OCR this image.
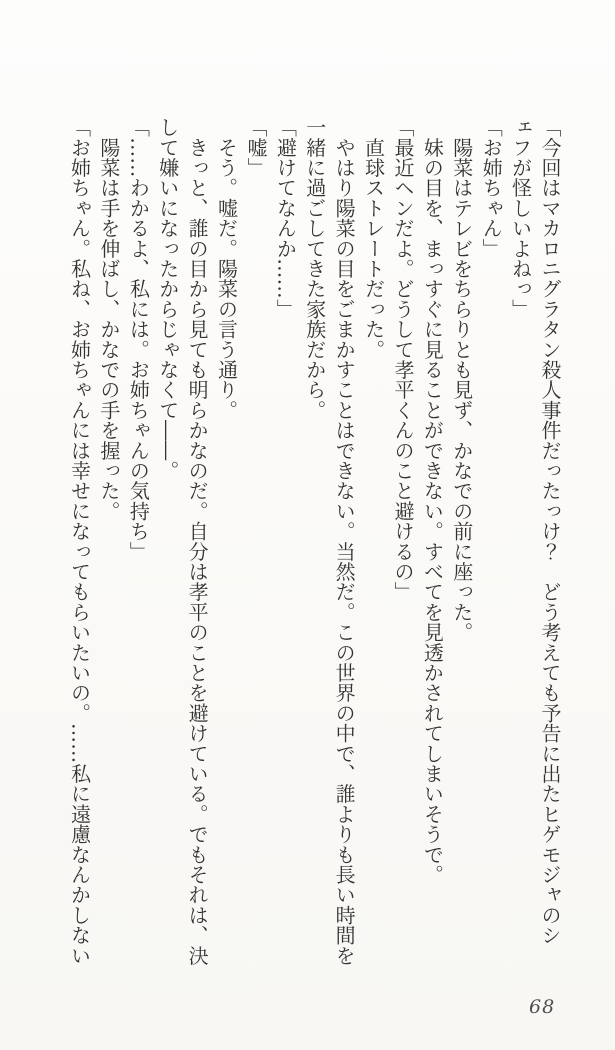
「今回はマカロニグラタン殺人事件だったっけ？　どう考えても予告に出たヒゲモジャのシ

ェフが怪しいよねっ」

「お姉ちゃん」

　陽菜はテレビをちらりとも見ず、かなでの前に座った。

　妹の目を、まっすぐに見ることができない。すべてを見透かされてしまいそうで。

「最近ヘンだよ。どうして孝平くんのこと避けるの」

　直球ストレートだった。

　やはり陽菜の目をごまかすことはできない。当然だ。この世界の中で、誰よりも長い時間を

一緒に過ごしてきた家族だから。

「避けてなんか……」

「嘘」

　そう。嘘だ。陽菜の言う通り。

　きっと、誰の目から見ても明らかなのだ。自分は孝平のことを避けている。でもそれは、決

して嫌いになったからじゃなくて――。

「……わかるよ、私には。お姉ちゃんの気持ち」

　陽菜は手を伸ばし、かなでの手を握った。

「お姉ちゃん。私ね、お姉ちゃんには幸せになってもらいたいの。……私に遠慮なんかしない

68
